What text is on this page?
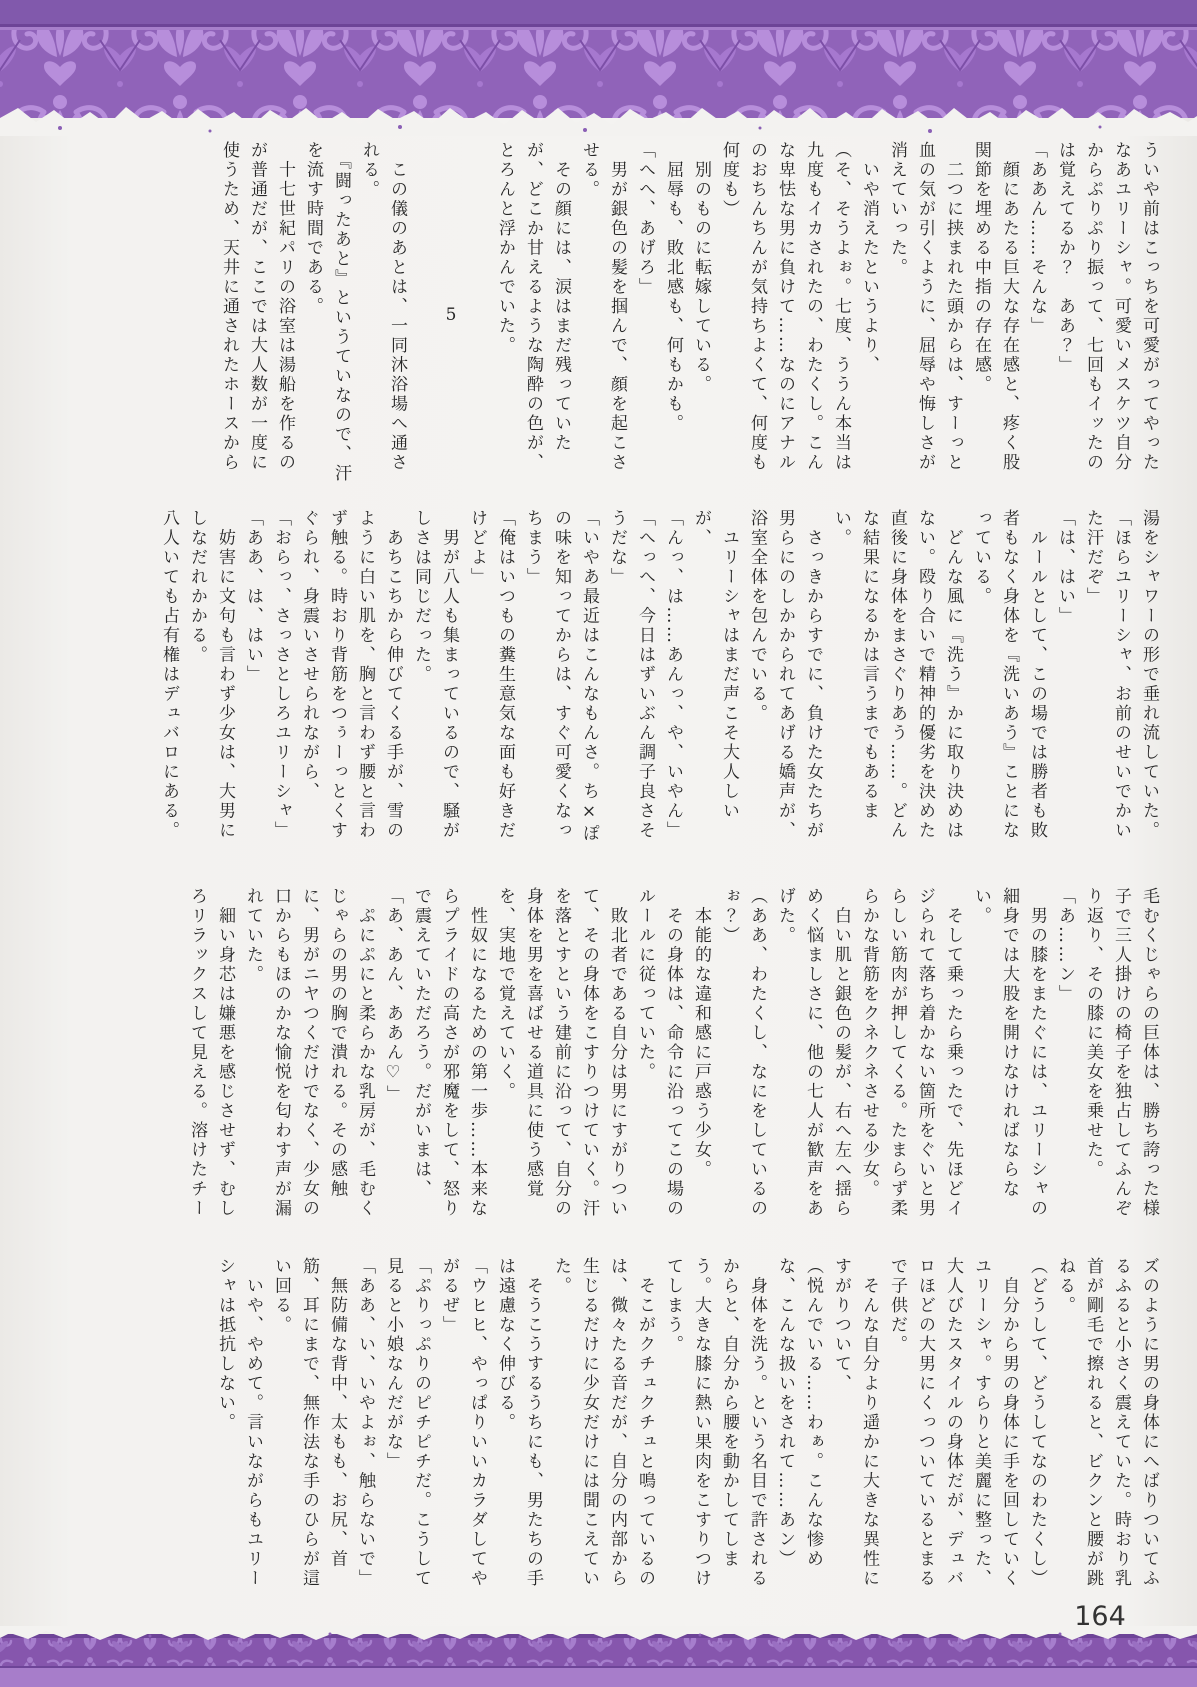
ういや前はこっちを可愛がってやったなあユリーシャ。可愛いメスケツ自分からぷりぷり振って、七回もイッたのは覚えてるか？　ああ？」

「ああん……そんな」

　顔にあたる巨大な存在感と、疼く股関節を埋める中指の存在感。

　二つに挟まれた頭からは、すーっと血の気が引くように、屈辱や悔しさが消えていった。

　いや消えたというより、

（そ、そうよぉ。七度、ううん本当は九度もイカされたの、わたくし。こんな卑怯な男に負けて……なのにアナルのおちんちんが気持ちよくて、何度も何度も）

　別のものに転嫁している。

　屈辱も、敗北感も、何もかも。

「へへ、あげろ」

　男が銀色の髪を掴んで、顔を起こさせる。

　その顔には、涙はまだ残っていたが、どこか甘えるような陶酔の色が、とろんと浮かんでいた。

5

　この儀のあとは、一同沐浴場へ通される。

　『闘ったあと』というていなので、汗を流す時間である。

　十七世紀パリの浴室は湯船を作るのが普通だが、ここでは大人数が一度に使うため、天井に通されたホースから

湯をシャワーの形で垂れ流していた。

「ほらユリーシャ、お前のせいでかいた汗だぞ」

「は、はい」

　ルールとして、この場では勝者も敗者もなく身体を『洗いあう』ことになっている。

　どんな風に『洗う』かに取り決めはない。殴り合いで精神的優劣を決めた直後に身体をまさぐりあう……。どんな結果になるかは言うまでもあるまい。

　さっきからすでに、負けた女たちが男らにのしかかられてあげる嬌声が、浴室全体を包んでいる。

　ユリーシャはまだ声こそ大人しいが、

「んっ、は……あんっ、や、いやん」

「へっへ、今日はずいぶん調子良さそうだな」

「いやあ最近はこんなもんさ。ち×ぽの味を知ってからは、すぐ可愛くなっちまう」

「俺はいつもの糞生意気な面も好きだけどよ」

　男が八人も集まっているので、騒がしさは同じだった。

　あちこちから伸びてくる手が、雪のように白い肌を、胸と言わず腰と言わず触る。時おり背筋をつぅーっとくすぐられ、身震いさせられながら、

「おらっ、さっさとしろユリーシャ」

「ああ、は、はい」

　妨害に文句も言わず少女は、大男にしなだれかかる。

八人いても占有権はデュバロにある。

毛むくじゃらの巨体は、勝ち誇った様子で三人掛けの椅子を独占してふんぞり返り、その膝に美女を乗せた。

「あ……ン」

　男の膝をまたぐには、ユリーシャの細身では大股を開けなければならない。

　そして乗ったら乗ったで、先ほどイジられて落ち着かない箇所をぐいと男らしい筋肉が押してくる。たまらず柔らかな背筋をクネクネさせる少女。

　白い肌と銀色の髪が、右へ左へ揺らめく悩ましさに、他の七人が歓声をあげた。

（ああ、わたくし、なにをしているのぉ？）

　本能的な違和感に戸惑う少女。

　その身体は、命令に沿ってこの場のルールに従っていた。

　敗北者である自分は男にすがりついて、その身体をこすりつけていく。汗を落とすという建前に沿って、自分の身体を男を喜ばせる道具に使う感覚を、実地で覚えていく。

　性奴になるための第一歩……本来ならプライドの高さが邪魔をして、怒りで震えていただろう。だがいまは、

「あ、あん、ああん♡」

　ぷにぷにと柔らかな乳房が、毛むくじゃらの男の胸で潰れる。その感触に、男がニヤつくだけでなく、少女の口からもほのかな愉悦を匂わす声が漏れていた。

　細い身芯は嫌悪を感じさせず、むしろリラックスして見える。溶けたチー

ズのように男の身体にへばりついてふるふると小さく震えていた。時おり乳首が剛毛で擦れると、ビクンと腰が跳ねる。

（どうして、どうしてなのわたくし）

　自分から男の身体に手を回していくユリーシャ。すらりと美麗に整った、大人びたスタイルの身体だが、デュバロほどの大男にくっついているとまるで子供だ。

　そんな自分より遥かに大きな異性にすがりついて、

（悦んでいる……わぁ。こんな惨めな、こんな扱いをされて……あン）

　身体を洗う。という名目で許されるからと、自分から腰を動かしてしまう。大きな膝に熱い果肉をこすりつけてしまう。

　そこがクチュクチュと鳴っているのは、微々たる音だが、自分の内部から生じるだけに少女だけには聞こえていた。

　そうこうするうちにも、男たちの手は遠慮なく伸びる。

「ウヒヒ、やっぱりいいカラダしてやがるぜ」

「ぷりっぷりのピチピチだ。こうして見ると小娘なんだがな」

「ああ、い、いやよぉ、触らないで」

　無防備な背中、太もも、お尻、首筋、耳にまで、無作法な手のひらが這い回る。

　いや、やめて。言いながらもユリーシャは抵抗しない。

164
